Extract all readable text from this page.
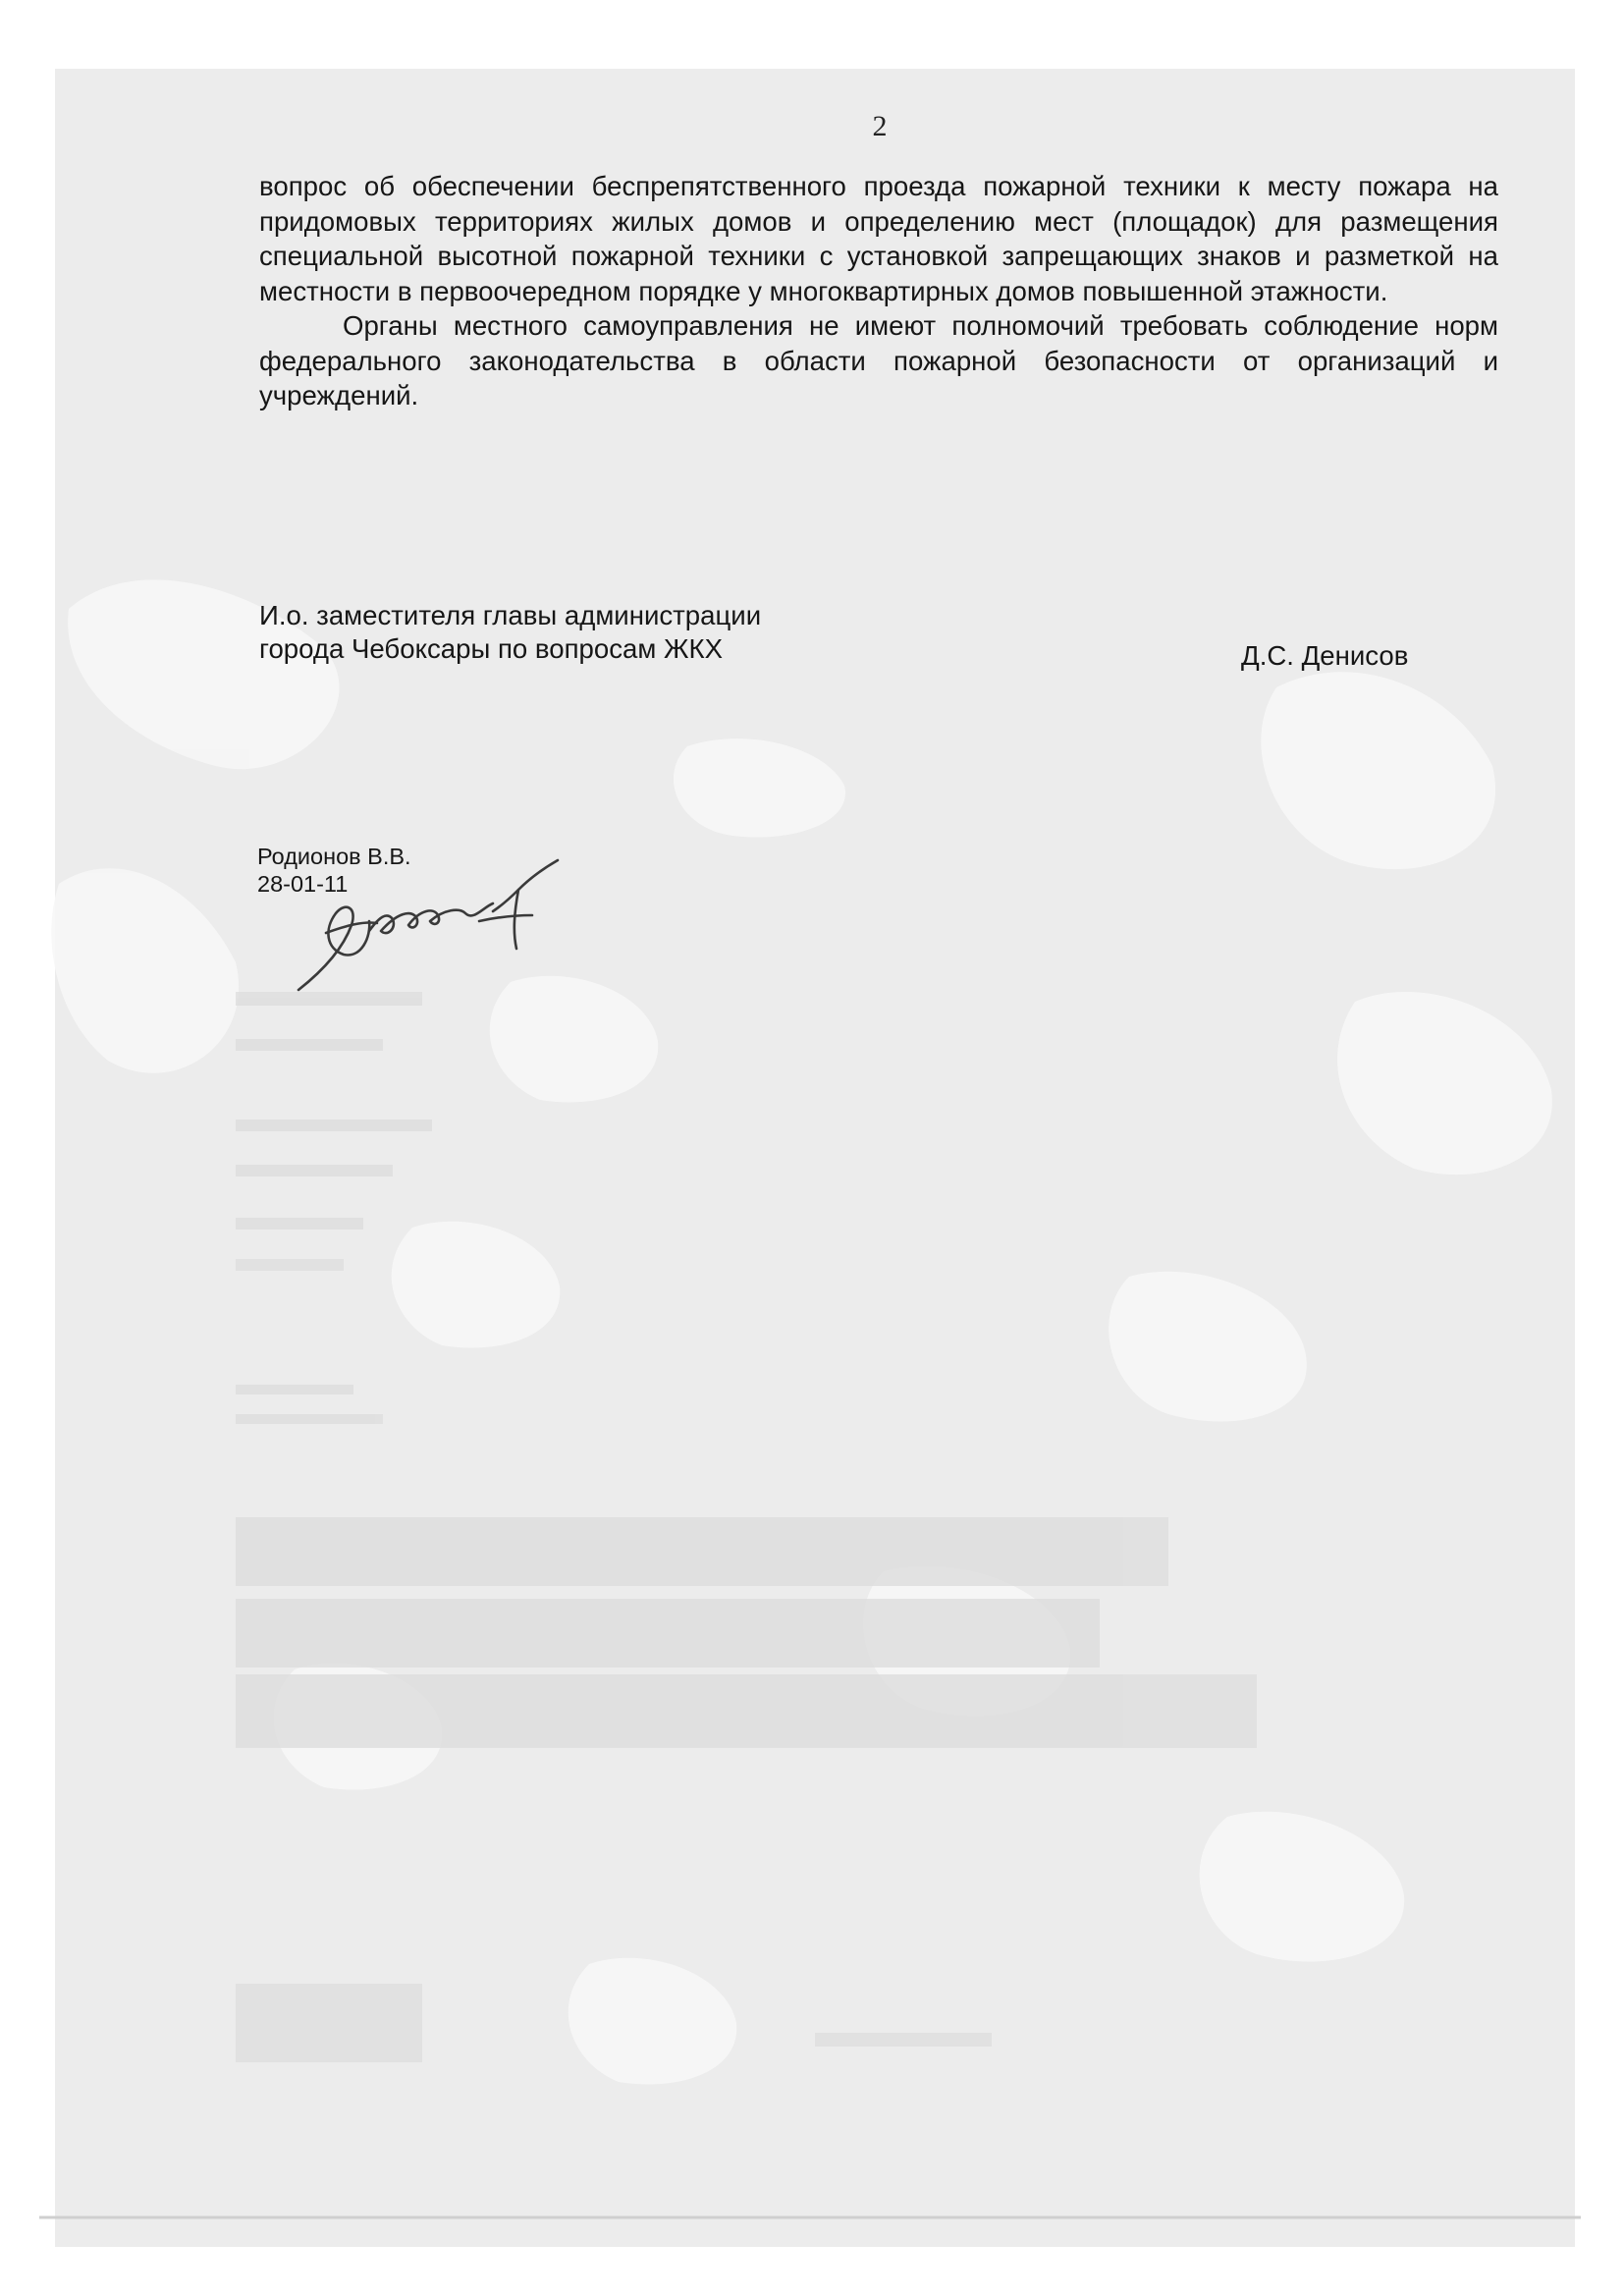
2

вопрос об обеспечении беспрепятственного проезда пожарной техники к месту пожара на придомовых территориях жилых домов и определению мест (площадок) для размещения специальной высотной пожарной техники с установкой запрещающих знаков и разметкой на местности в первоочередном порядке у многоквартирных домов повышенной этажности.

Органы местного самоуправления не имеют полномочий требовать соблюдение норм федерального законодательства в области пожарной безопасности от организаций и учреждений.

И.о. заместителя главы администрации
города Чебоксары по вопросам ЖКХ	Д.С. Денисов
Родионов В.В.
28-01-11
